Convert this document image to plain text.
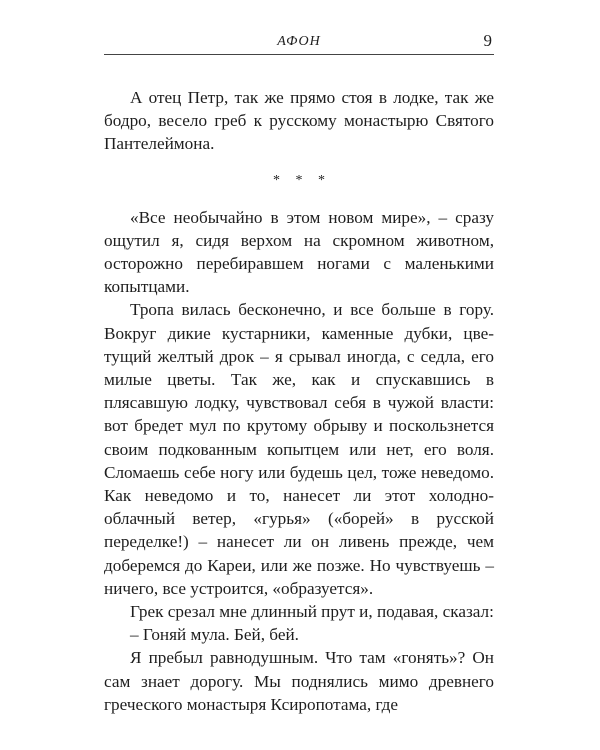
АФОН	9

А отец Петр, так же прямо стоя в лодке, так же бодро, весело греб к русскому монастырю Святого Пантелеймона.

* * *

«Все необычайно в этом новом мире», – сразу ощутил я, сидя верхом на скромном животном, осторожно перебиравшем ногами с маленькими копытцами.

Тропа вилась бесконечно, и все больше в гору. Вокруг дикие кустарники, каменные дубки, цветущий желтый дрок – я срывал иногда, с седла, его милые цветы. Так же, как и спускавшись в плясавшую лодку, чувствовал себя в чужой власти: вот бредет мул по крутому обрыву и поскользнется своим подкованным копытцем или нет, его воля. Сломаешь себе ногу или будешь цел, тоже неведомо. Как неведомо и то, нанесет ли этот холодно-облачный ветер, «гурья» («борей» в русской переделке!) – нанесет ли он ливень прежде, чем доберемся до Кареи, или же позже. Но чувствуешь – ничего, все устроится, «образуется».

Грек срезал мне длинный прут и, подавая, сказал:

– Гоняй мула. Бей, бей.

Я пребыл равнодушным. Что там «гонять»? Он сам знает дорогу. Мы поднялись мимо древнего греческого монастыря Ксиропотама, где
